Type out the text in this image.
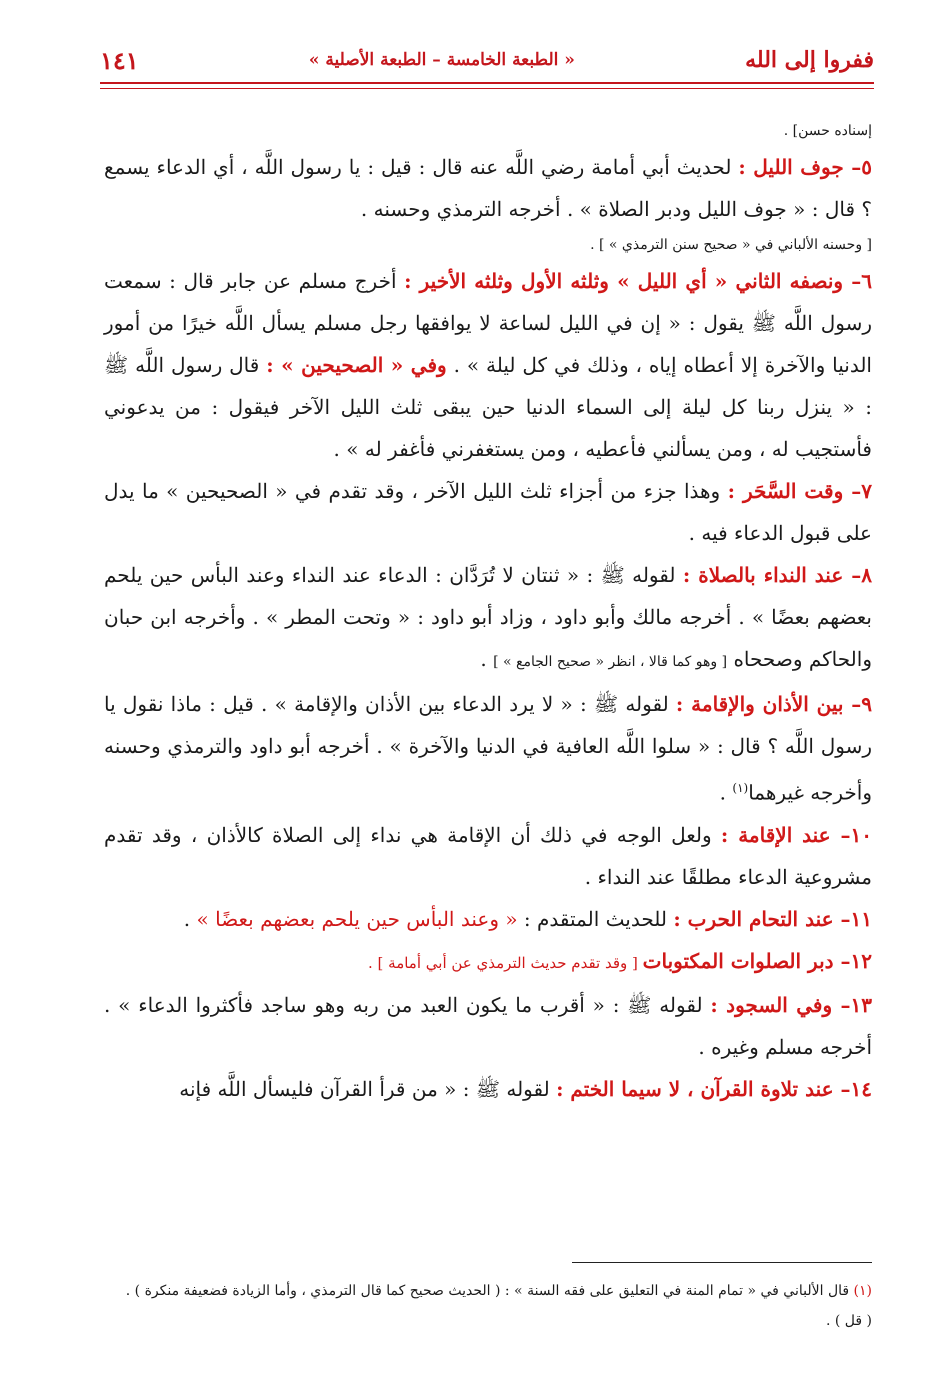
ففروا إلى الله
« الطبعة الخامسة – الطبعة الأصلية »
١٤١

إسناده حسن] .

٥– جوف الليل : لحديث أبي أمامة رضي اللَّه عنه قال : قيل : يا رسول اللَّه ، أي الدعاء يسمع ؟ قال : « جوف الليل ودبر الصلاة » . أخرجه الترمذي وحسنه .

[ وحسنه الألباني في « صحيح سنن الترمذي » ] .

٦– ونصفه الثاني « أي الليل » وثلثه الأول وثلثه الأخير : أخرج مسلم عن جابر قال : سمعت رسول اللَّه ﷺ يقول : « إن في الليل لساعة لا يوافقها رجل مسلم يسأل اللَّه خيرًا من أمور الدنيا والآخرة إلا أعطاه إياه ، وذلك في كل ليلة » . وفي « الصحيحين » : قال رسول اللَّه ﷺ : « ينزل ربنا كل ليلة إلى السماء الدنيا حين يبقى ثلث الليل الآخر فيقول : من يدعوني فأستجيب له ، ومن يسألني فأعطيه ، ومن يستغفرني فأغفر له » .

٧– وقت السَّحَر : وهذا جزء من أجزاء ثلث الليل الآخر ، وقد تقدم في « الصحيحين » ما يدل على قبول الدعاء فيه .

٨– عند النداء بالصلاة : لقوله ﷺ : « ثنتان لا تُرَدَّان : الدعاء عند النداء وعند البأس حين يلحم بعضهم بعضًا » . أخرجه مالك وأبو داود ، وزاد أبو داود : « وتحت المطر » . وأخرجه ابن حبان والحاكم وصححاه [ وهو كما قالا ، انظر « صحيح الجامع » ] .

٩– بين الأذان والإقامة : لقوله ﷺ : « لا يرد الدعاء بين الأذان والإقامة » . قيل : ماذا نقول يا رسول اللَّه ؟ قال : « سلوا اللَّه العافية في الدنيا والآخرة » . أخرجه أبو داود والترمذي وحسنه وأخرجه غيرهما$^{(١)}$ .

١٠– عند الإقامة : ولعل الوجه في ذلك أن الإقامة هي نداء إلى الصلاة كالأذان ، وقد تقدم مشروعية الدعاء مطلقًا عند النداء .

١١– عند التحام الحرب : للحديث المتقدم : « وعند البأس حين يلحم بعضهم بعضًا » .

١٢– دبر الصلوات المكتوبات [ وقد تقدم حديث الترمذي عن أبي أمامة ] .

١٣– وفي السجود : لقوله ﷺ : « أقرب ما يكون العبد من ربه وهو ساجد فأكثروا الدعاء » . أخرجه مسلم وغيره .

١٤– عند تلاوة القرآن ، لا سيما الختم : لقوله ﷺ : « من قرأ القرآن فليسأل اللَّه فإنه

(١) قال الألباني في « تمام المنة في التعليق على فقه السنة » : ( الحديث صحيح كما قال الترمذي ، وأما الزيادة فضعيفة منكرة ) .

( قل ) .
